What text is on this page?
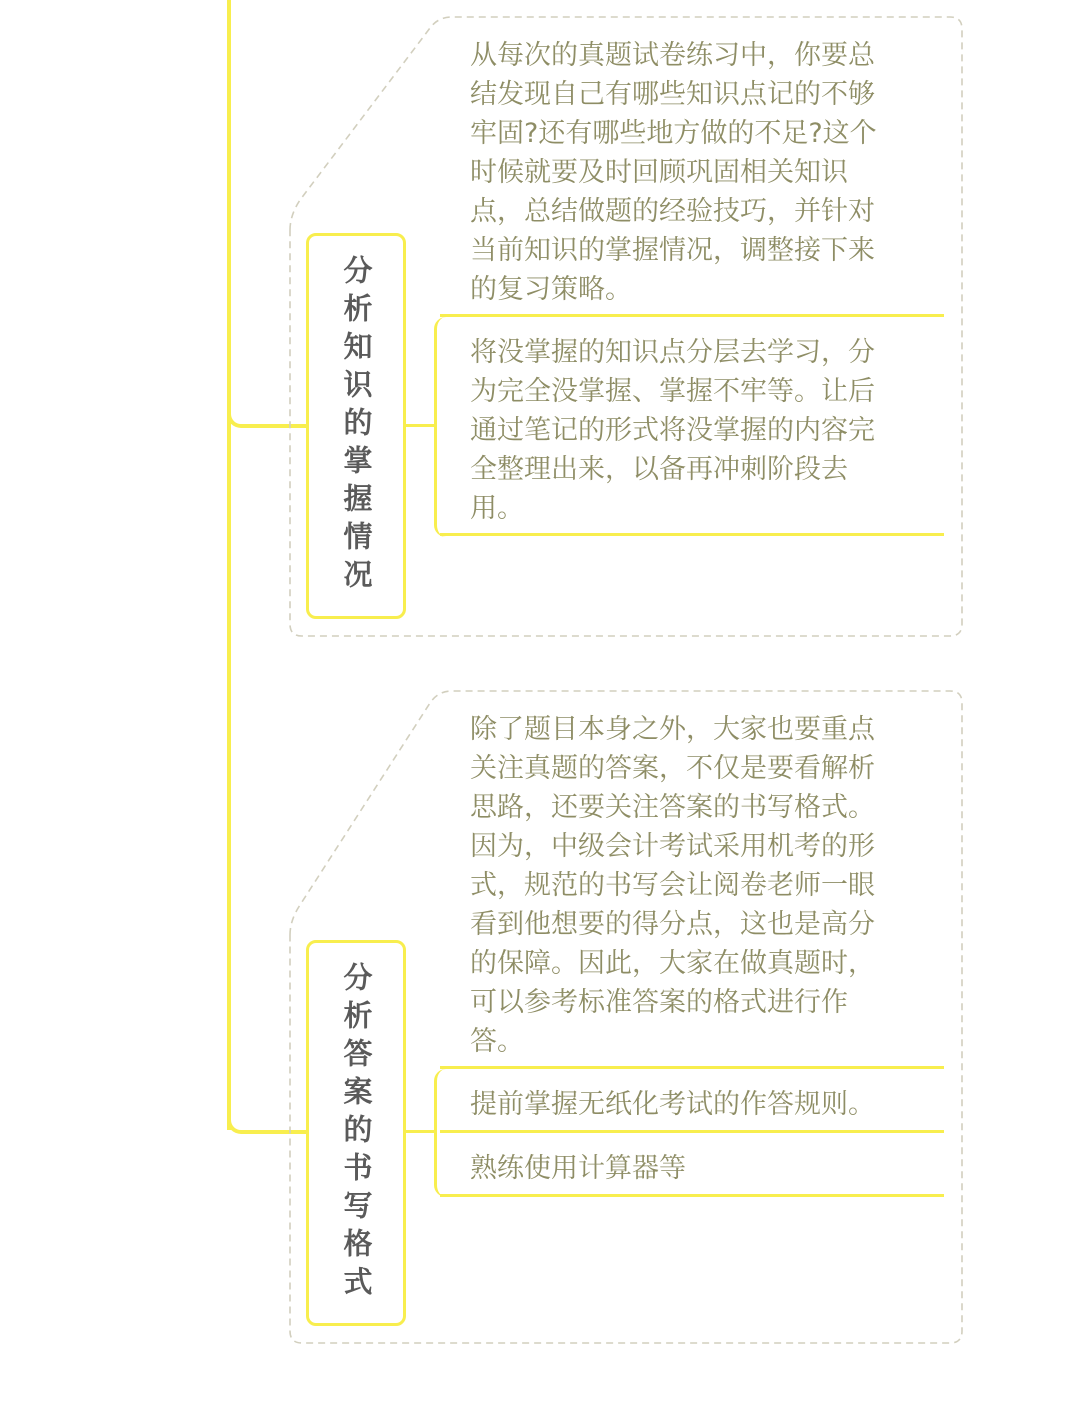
分析知识的掌握情况
从每次的真题试卷练习中，你要总
结发现自己有哪些知识点记的不够
牢固?还有哪些地方做的不足?这个
时候就要及时回顾巩固相关知识
点，总结做题的经验技巧，并针对
当前知识的掌握情况，调整接下来
的复习策略。
将没掌握的知识点分层去学习，分
为完全没掌握、掌握不牢等。让后
通过笔记的形式将没掌握的内容完
全整理出来，以备再冲刺阶段去
用。
分析答案的书写格式
除了题目本身之外，大家也要重点
关注真题的答案，不仅是要看解析
思路，还要关注答案的书写格式。
因为，中级会计考试采用机考的形
式，规范的书写会让阅卷老师一眼
看到他想要的得分点，这也是高分
的保障。因此，大家在做真题时，
可以参考标准答案的格式进行作
答。
提前掌握无纸化考试的作答规则。
熟练使用计算器等
